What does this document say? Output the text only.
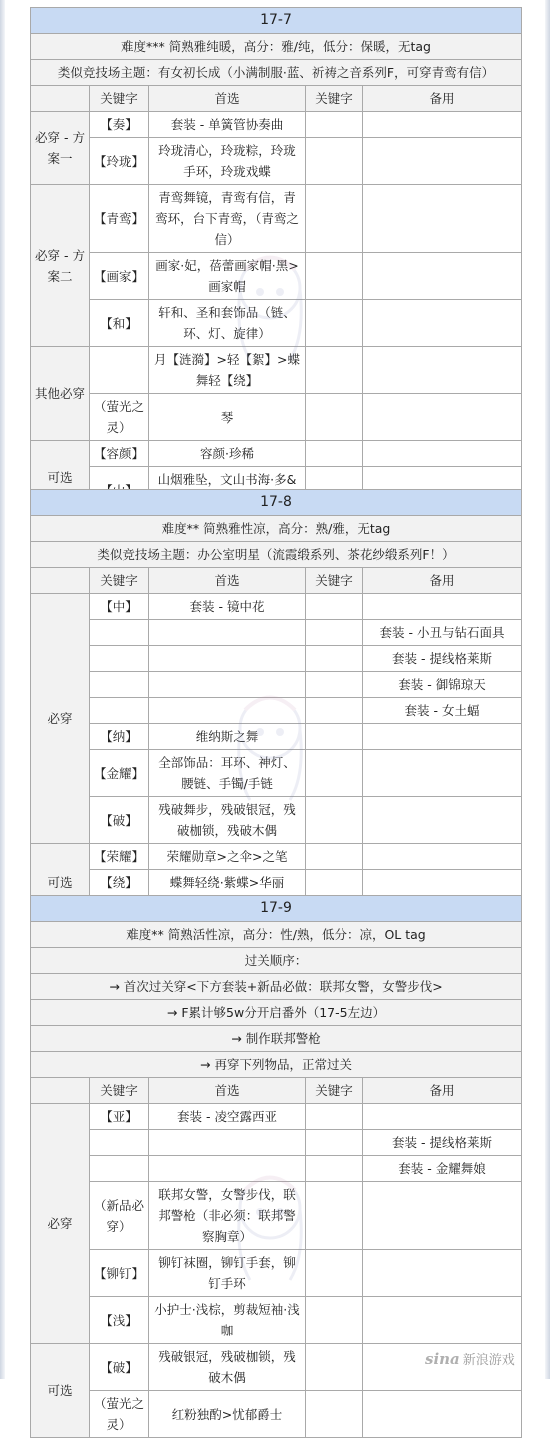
17-7				
难度*** 简熟雅纯暖，高分：雅/纯，低分：保暖，无tag				
类似竞技场主题：有女初长成（小满制服·蓝、祈祷之音系列F，可穿青鸾有信）				
	关键字	首选	关键字	备用
必穿 - 方案一	【奏】	套装 - 单簧管协奏曲		
	【玲珑】	玲珑清心，玲珑粽，玲珑手环，玲珑戏蝶		
必穿 - 方案二	【青鸾】	青鸾舞镜，青鸾有信，青鸾环，台下青鸾，（青鸾之信）		
	【画家】	画家·妃，蓓蕾画家帽·黑>画家帽		
	【和】	轩和、圣和套饰品（链、环、灯、旋律）		
其他必穿		月【涟漪】>轻【絮】>蝶舞轻【绕】		
	（萤光之灵）	琴		
可选	【容颜】	容颜·珍稀		
	山烟雅坠，文山书海·多&		
17-8				
难度** 简熟雅性凉，高分：熟/雅，无tag				
类似竞技场主题：办公室明星（流霞缎系列、茶花纱缎系列F！）				
	关键字	首选	关键字	备用
必穿	【中】	套装 - 镜中花		
				套装 - 小丑与钻石面具
				套装 - 提线格莱斯
				套装 - 御锦琼天
				套装 - 女土蝠
	【纳】	维纳斯之舞		
	【金耀】	全部饰品：耳环、神灯、腰链、手镯/手链		
	【破】	残破舞步，残破银冠，残破枷锁，残破木偶		
可选	【荣耀】	荣耀勋章>之伞>之笔		
	【绕】	蝶舞轻绕·紫蝶>华丽		

17-9				
难度** 简熟活性凉，高分：性/熟，低分：凉，OL tag				
过关顺序：				
→ 首次过关穿<下方套装+新品必做：联邦女警，女警步伐>				
→ F累计够5w分开启番外（17-5左边）				
→ 制作联邦警枪				
→ 再穿下列物品，正常过关				
	关键字	首选	关键字	备用
必穿	【亚】	套装 - 凌空露西亚		
				套装 - 提线格莱斯
				套装 - 金耀舞娘
	（新品必穿）	联邦女警，女警步伐，联邦警枪（非必须：联邦警察胸章）		
	【铆钉】	铆钉袜圈，铆钉手套，铆钉手环		
	【浅】	小护士·浅棕，剪裁短袖·浅咖		
可选	【破】	残破银冠，残破枷锁，残破木偶		
	（萤光之灵）	红粉独酌>忧郁爵士		
sina 新浪游戏
